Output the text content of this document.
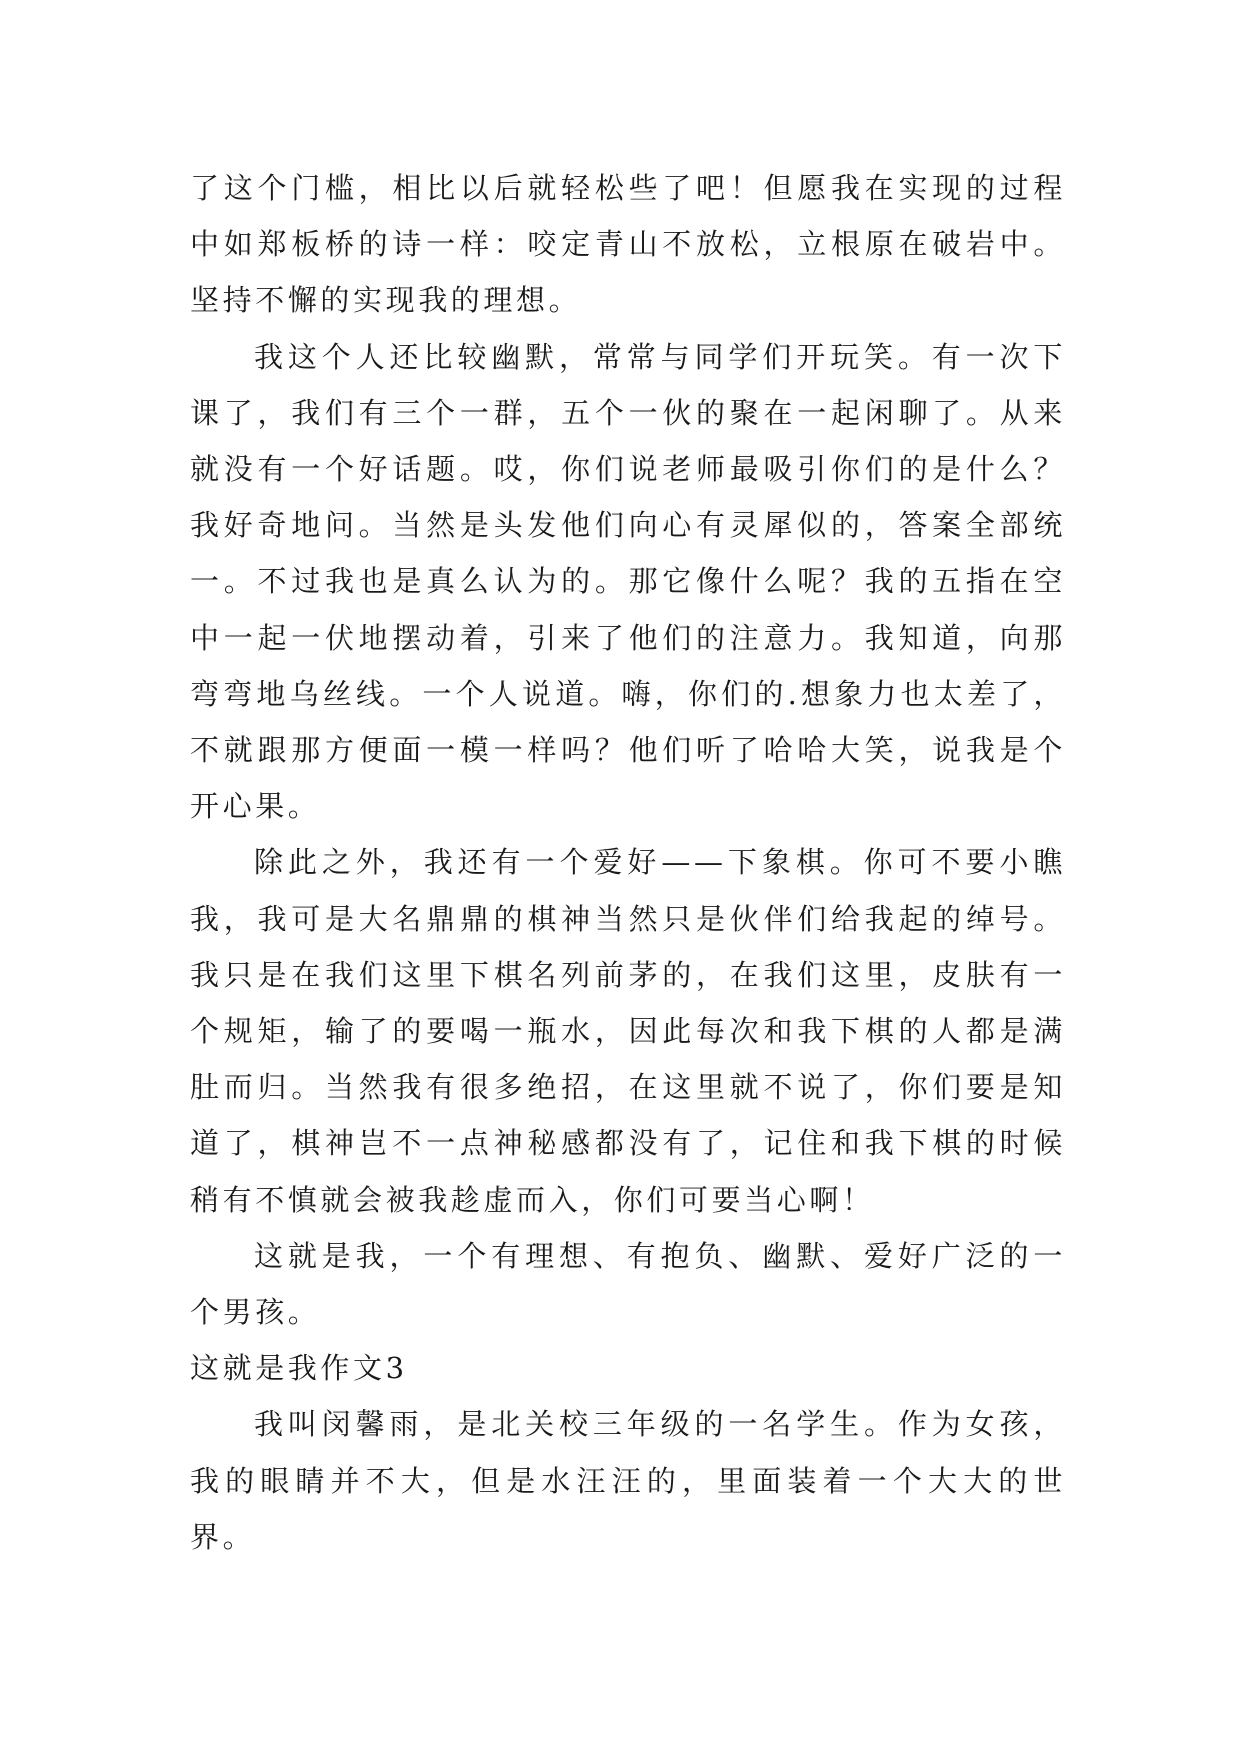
了这个门槛，相比以后就轻松些了吧！但愿我在实现的过程中如郑板桥的诗一样：咬定青山不放松，立根原在破岩中。坚持不懈的实现我的理想。

我这个人还比较幽默，常常与同学们开玩笑。有一次下课了，我们有三个一群，五个一伙的聚在一起闲聊了。从来就没有一个好话题。哎，你们说老师最吸引你们的是什么？我好奇地问。当然是头发他们向心有灵犀似的，答案全部统一。不过我也是真么认为的。那它像什么呢？我的五指在空中一起一伏地摆动着，引来了他们的注意力。我知道，向那弯弯地乌丝线。一个人说道。嗨，你们的.想象力也太差了，不就跟那方便面一模一样吗？他们听了哈哈大笑，说我是个开心果。

除此之外，我还有一个爱好——下象棋。你可不要小瞧我，我可是大名鼎鼎的棋神当然只是伙伴们给我起的绰号。我只是在我们这里下棋名列前茅的，在我们这里，皮肤有一个规矩，输了的要喝一瓶水，因此每次和我下棋的人都是满肚而归。当然我有很多绝招，在这里就不说了，你们要是知道了，棋神岂不一点神秘感都没有了，记住和我下棋的时候稍有不慎就会被我趁虚而入，你们可要当心啊！

这就是我，一个有理想、有抱负、幽默、爱好广泛的一个男孩。

这就是我作文3

我叫闵馨雨，是北关校三年级的一名学生。作为女孩，我的眼睛并不大，但是水汪汪的，里面装着一个大大的世界。
